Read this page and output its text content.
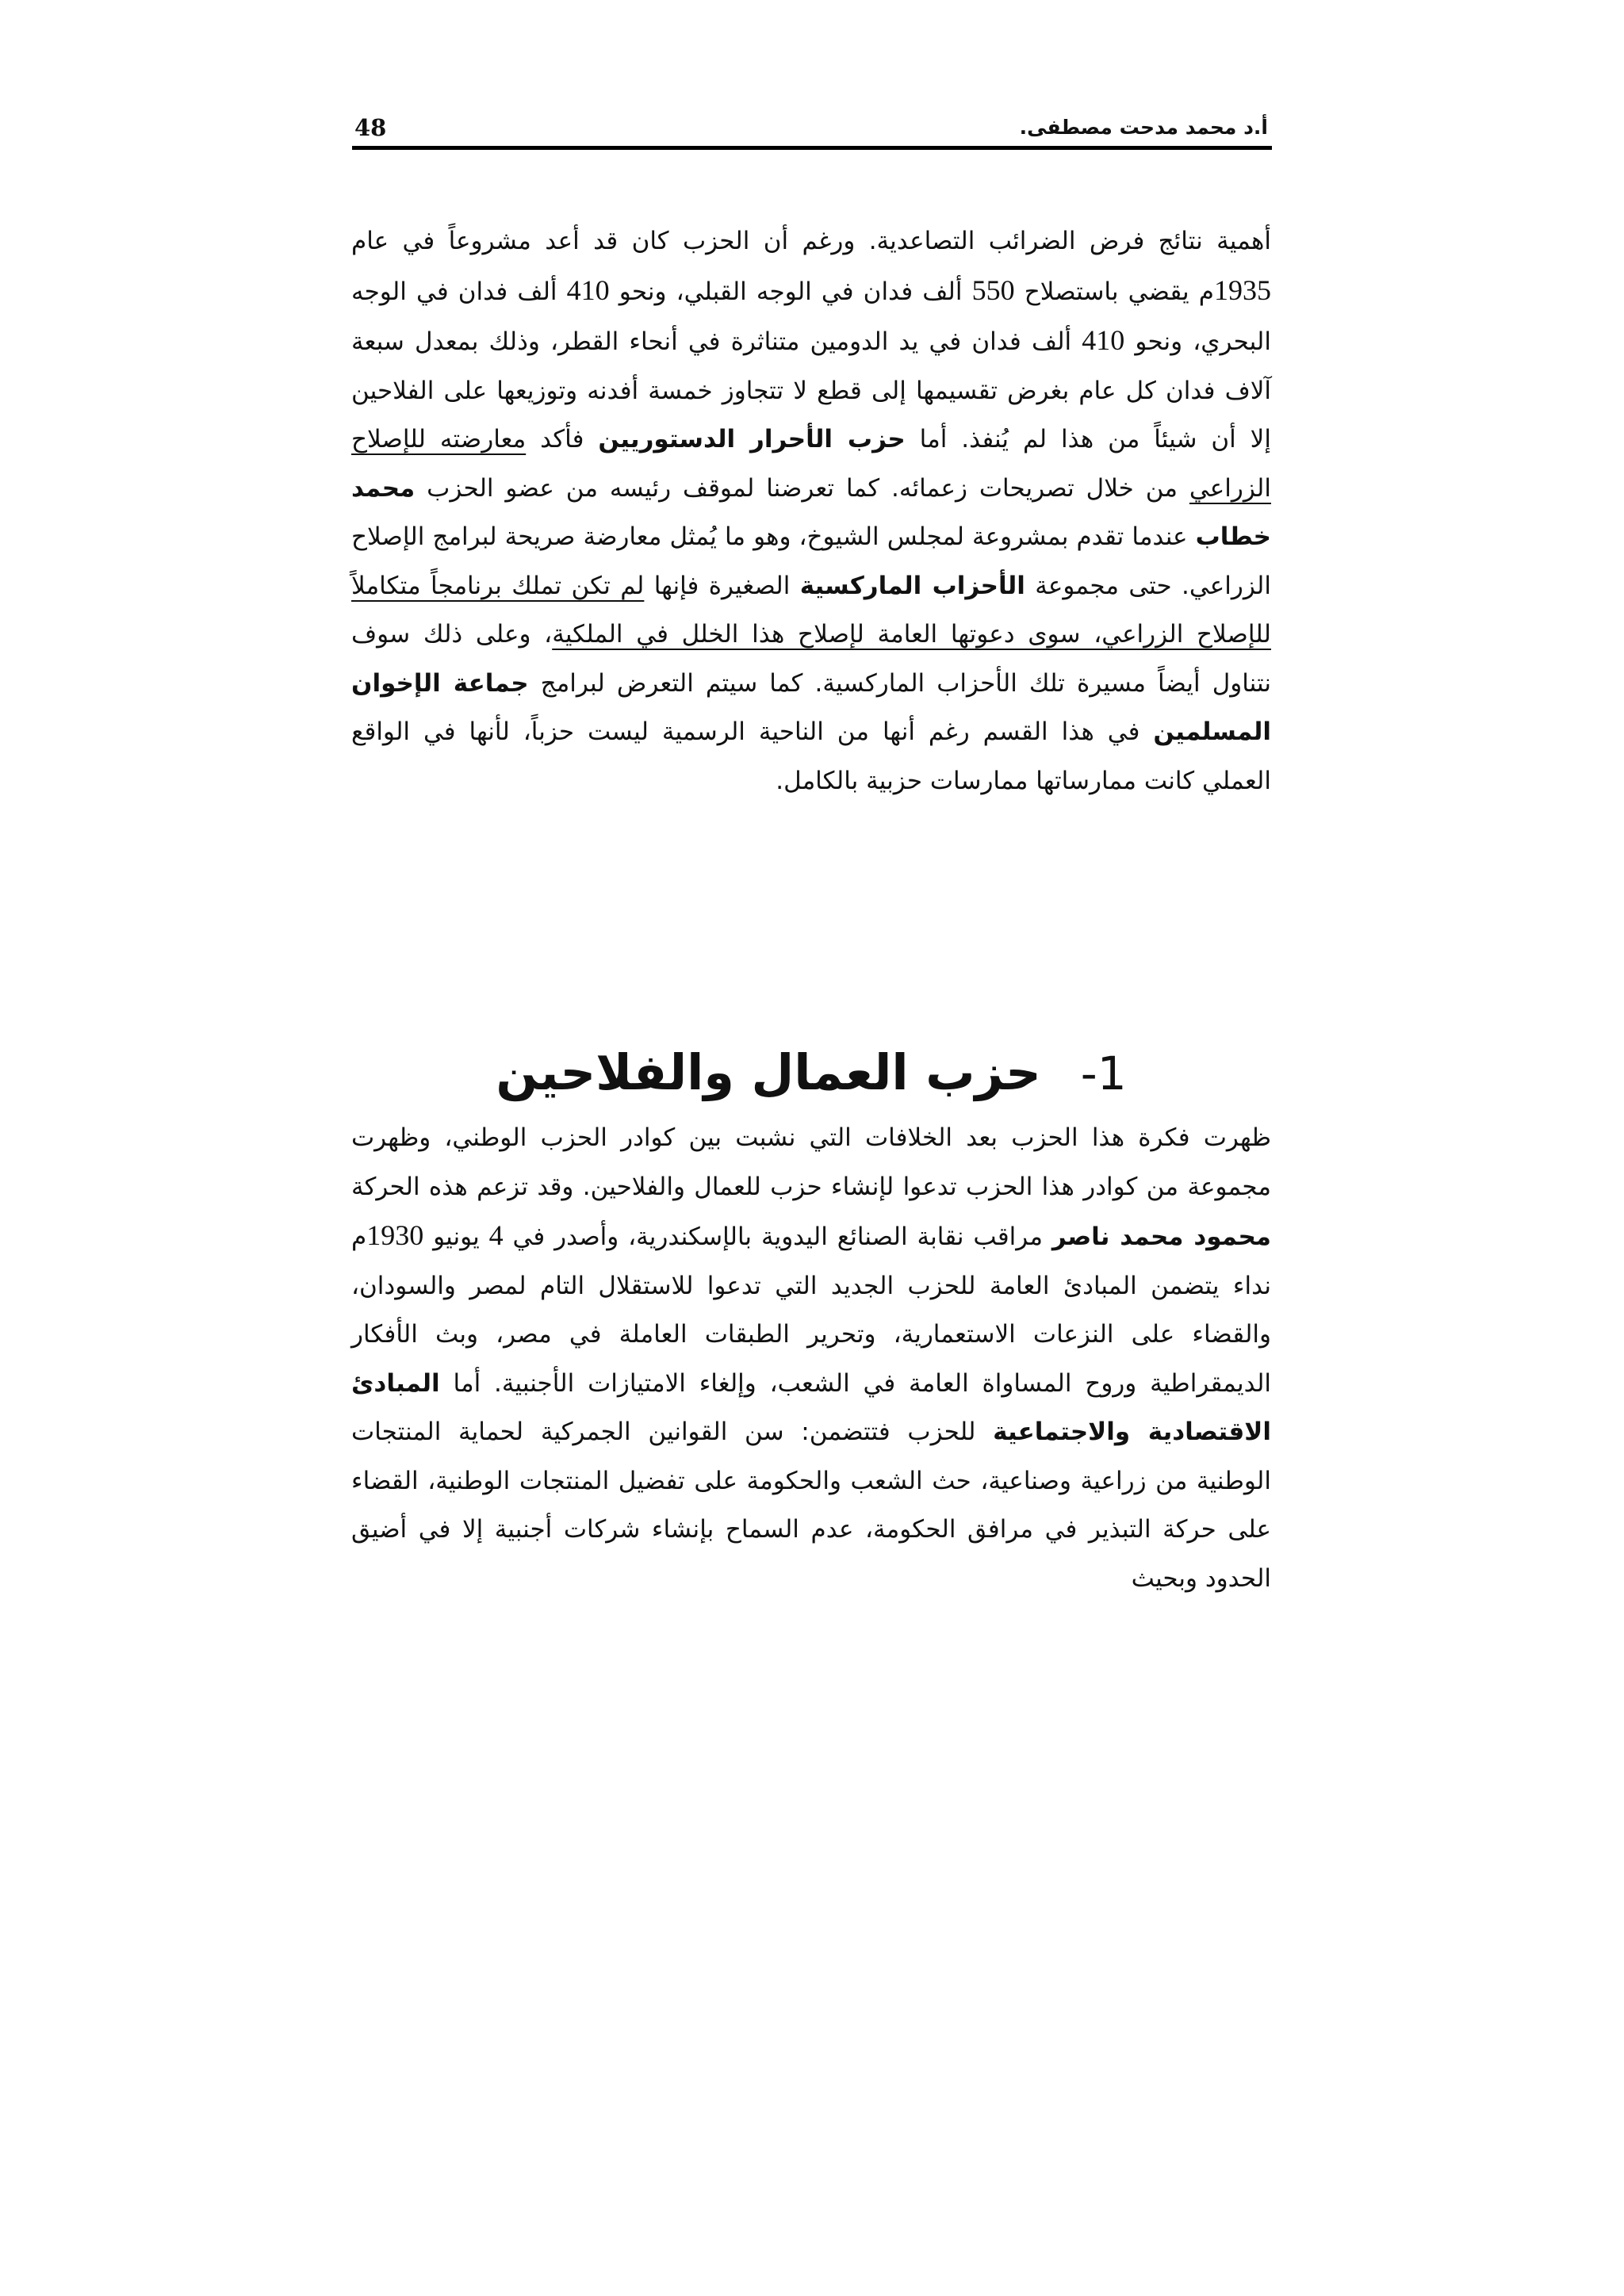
أ.د محمد مدحت مصطفى.
48

أهمية نتائج فرض الضرائب التصاعدية. ورغم أن الحزب كان قد أعد مشروعاً في عام 1935م يقضي باستصلاح 550 ألف فدان في الوجه القبلي، ونحو 410 ألف فدان في الوجه البحري، ونحو 410 ألف فدان في يد الدومين متناثرة في أنحاء القطر، وذلك بمعدل سبعة آلاف فدان كل عام بغرض تقسيمها إلى قطع لا تتجاوز خمسة أفدنه وتوزيعها على الفلاحين إلا أن شيئاً من هذا لم يُنفذ. أما حزب الأحرار الدستوريين فأكد معارضته للإصلاح الزراعي من خلال تصريحات زعمائه. كما تعرضنا لموقف رئيسه من عضو الحزب محمد خطاب عندما تقدم بمشروعة لمجلس الشيوخ، وهو ما يُمثل معارضة صريحة لبرامج الإصلاح الزراعي. حتى مجموعة الأحزاب الماركسية الصغيرة فإنها لم تكن تملك برنامجاً متكاملاً للإصلاح الزراعي، سوى دعوتها العامة لإصلاح هذا الخلل في الملكية، وعلى ذلك سوف نتناول أيضاً مسيرة تلك الأحزاب الماركسية. كما سيتم التعرض لبرامج جماعة الإخوان المسلمين في هذا القسم رغم أنها من الناحية الرسمية ليست حزباً، لأنها في الواقع العملي كانت ممارساتها ممارسات حزبية بالكامل.

1-حزب العمال والفلاحين

ظهرت فكرة هذا الحزب بعد الخلافات التي نشبت بين كوادر الحزب الوطني، وظهرت مجموعة من كوادر هذا الحزب تدعوا لإنشاء حزب للعمال والفلاحين. وقد تزعم هذه الحركة محمود محمد ناصر مراقب نقابة الصنائع اليدوية بالإسكندرية، وأصدر في 4 يونيو 1930م نداء يتضمن المبادئ العامة للحزب الجديد التي تدعوا للاستقلال التام لمصر والسودان، والقضاء على النزعات الاستعمارية، وتحرير الطبقات العاملة في مصر، وبث الأفكار الديمقراطية وروح المساواة العامة في الشعب، وإلغاء الامتيازات الأجنبية. أما المبادئ الاقتصادية والاجتماعية للحزب فتتضمن: سن القوانين الجمركية لحماية المنتجات الوطنية من زراعية وصناعية، حث الشعب والحكومة على تفضيل المنتجات الوطنية، القضاء على حركة التبذير في مرافق الحكومة، عدم السماح بإنشاء شركات أجنبية إلا في أضيق الحدود وبحيث
